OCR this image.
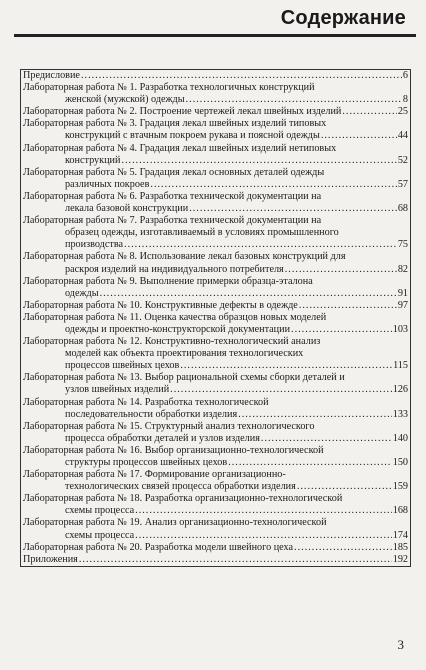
Содержание
Предисловие .....	6
Лабораторная работа № 1. Разработка технологичных конструкций
женской (мужской) одежды .....	8
Лабораторная работа № 2. Построение чертежей лекал швейных изделий .....	25
Лабораторная работа № 3. Градация лекал швейных изделий типовых
конструкций с втачным покроем рукава и поясной одежды .....	44
Лабораторная работа № 4. Градация лекал швейных изделий нетиповых
конструкций .....	52
Лабораторная работа № 5. Градация лекал основных деталей одежды
различных покроев .....	57
Лабораторная работа № 6. Разработка технической документации на
лекала базовой конструкции .....	68
Лабораторная работа № 7. Разработка технической документации на
образец одежды, изготавливаемый в условиях промышленного
производства .....	75
Лабораторная работа № 8. Использование лекал базовых конструкций для
раскроя изделий на индивидуального потребителя .....	82
Лабораторная работа № 9. Выполнение примерки образца-эталона
одежды .....	91
Лабораторная работа № 10. Конструктивные дефекты в одежде .....	97
Лабораторная работа № 11. Оценка качества образцов новых моделей
одежды и проектно-конструкторской документации .....	103
Лабораторная работа № 12. Конструктивно-технологический анализ
моделей как объекта проектирования технологических
процессов швейных цехов .....	115
Лабораторная работа № 13. Выбор рациональной схемы сборки деталей и
узлов швейных изделий .....	126
Лабораторная работа № 14. Разработка технологической
последовательности обработки изделия .....	133
Лабораторная работа № 15. Структурный анализ технологического
процесса обработки деталей и узлов изделия .....	140
Лабораторная работа № 16. Выбор организационно-технологической
структуры процессов швейных цехов .....	150
Лабораторная работа № 17. Формирование организационно-
технологических связей процесса обработки изделия .....	159
Лабораторная работа № 18. Разработка организационно-технологической
схемы процесса .....	168
Лабораторная работа № 19. Анализ организационно-технологической
схемы процесса .....	174
Лабораторная работа № 20. Разработка модели швейного цеха .....	185
Приложения .....	192
3
